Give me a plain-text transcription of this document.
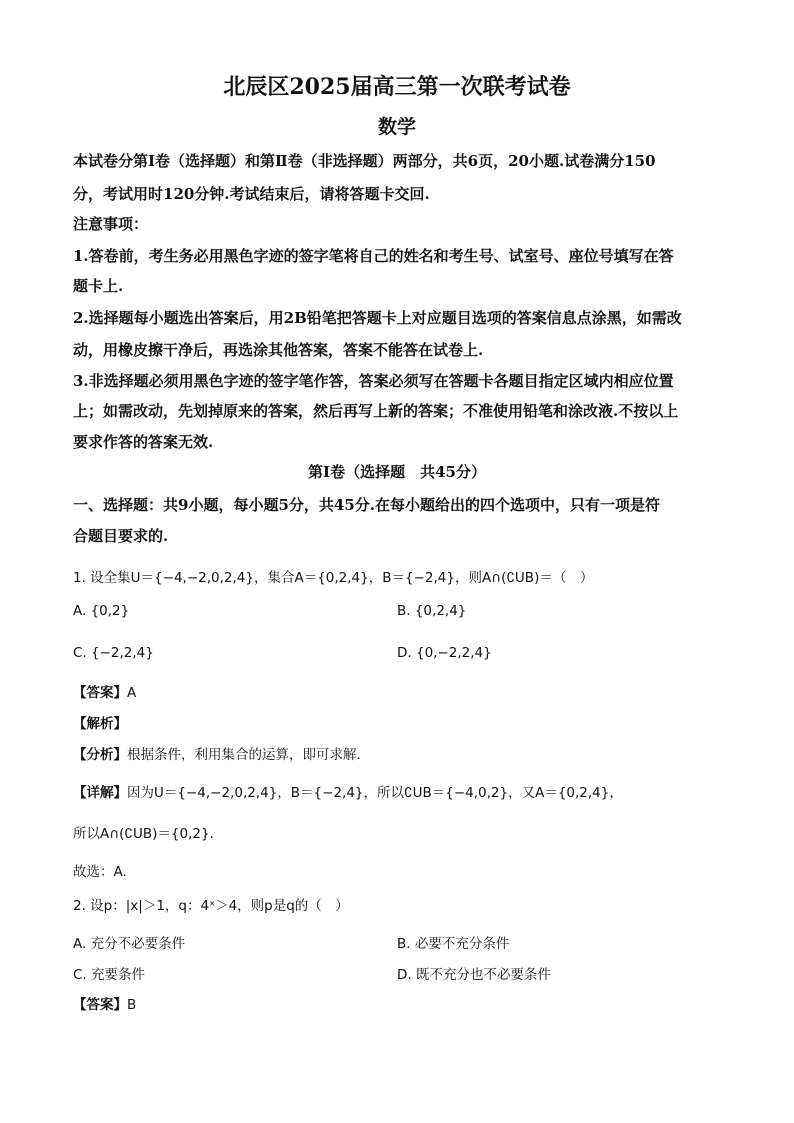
北辰区2025届高三第一次联考试卷
数学
本试卷分第Ⅰ卷（选择题）和第Ⅱ卷（非选择题）两部分，共6页，20小题.试卷满分150
分，考试用时120分钟.考试结束后，请将答题卡交回.
注意事项：
1.答卷前，考生务必用黑色字迹的签字笔将自己的姓名和考生号、试室号、座位号填写在答
题卡上.
2.选择题每小题选出答案后，用2B铅笔把答题卡上对应题目选项的答案信息点涂黑，如需改
动，用橡皮擦干净后，再选涂其他答案，答案不能答在试卷上.
3.非选择题必须用黑色字迹的签字笔作答，答案必须写在答题卡各题目指定区域内相应位置
上；如需改动，先划掉原来的答案，然后再写上新的答案；不准使用铅笔和涂改液.不按以上
要求作答的答案无效.
第Ⅰ卷（选择题　共45分）
一、选择题：共9小题，每小题5分，共45分.在每小题给出的四个选项中，只有一项是符
合题目要求的.
1. 设全集U＝{−4,−2,0,2,4}，集合A＝{0,2,4}，B＝{−2,4}，则A∩(∁UB)＝（　）
A. {0,2}	B. {0,2,4}
C. {−2,2,4}	D. {0,−2,2,4}
【答案】A
【解析】
【分析】根据条件，利用集合的运算，即可求解.
【详解】因为U＝{−4,−2,0,2,4}，B＝{−2,4}，所以∁UB＝{−4,0,2}，又A＝{0,2,4}，
所以A∩(∁UB)＝{0,2}.
故选：A.
2. 设p：|x|＞1，q：4ˣ＞4，则p是q的（　）
A. 充分不必要条件	B. 必要不充分条件
C. 充要条件	D. 既不充分也不必要条件
【答案】B
